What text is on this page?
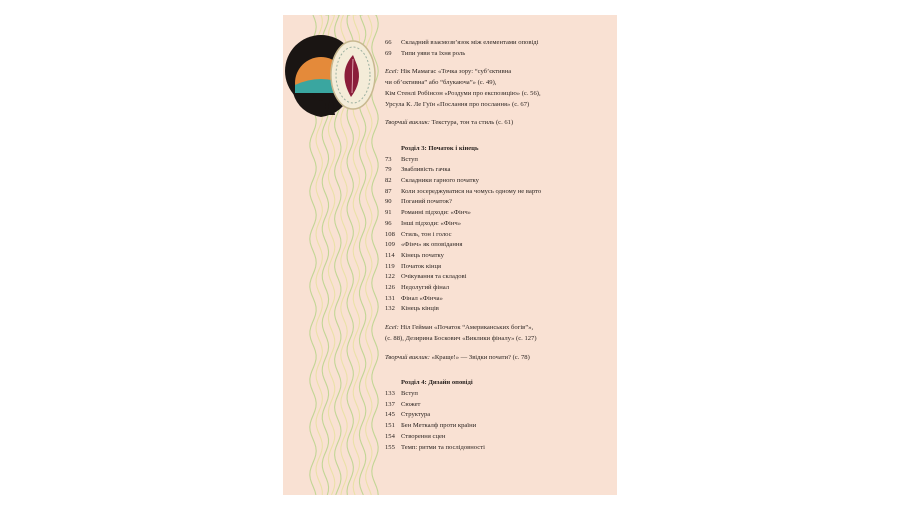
66	Складний взаємозв’язок між елементами оповіді
69	Типи уяви та їхня роль
Есеї: Нік Мамагас «Точка зору: “суб’єктивна
чи об’єктивна” або “блукаюча”» (с. 49),
Кім Стенлі Робінсон «Роздуми про експозицію» (с. 56),
Урсула К. Ле Гуїн «Послання про послання» (с. 67)
Творчий виклик: Текстура, тон та стиль (с. 61)
Розділ 3: Початок і кінець
73	Вступ
79	Звабливість гачка
82	Складники гарного початку
87	Коли зосереджуватися на чомусь одному не варто
90	Поганий початок?
91	Романні підходи: «Фінч»
96	Інші підходи: «Фінч»
108 Стиль, тон і голос
109 «Фінч» як оповідання
114 Кінець початку
119 Початок кінця
122 Очікування та складові
126 Недолугий фінал
131 Фінал «Фінча»
132 Кінець кінців
Есеї: Ніл Гейман «Початок “Американських богів”»,
(с. 88), Дезирина Боскович «Виклики фіналу» (с. 127)
Творчий виклик: «Краще!» — Звідки почати? (с. 78)
Розділ 4: Дизайн оповіді
133 Вступ
137 Сюжет
145 Структура
151 Бен Меткалф проти країни
154 Створення сцен
155 Темп: ритми та послідовності
